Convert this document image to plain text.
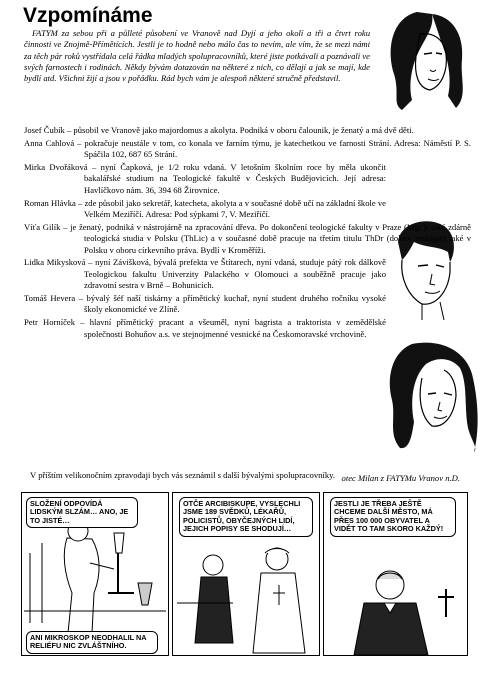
Vzpomínáme

FATYM za sebou při a půlleté působení ve Vranově nad Dyjí a jeho okolí a tři a čtvrt roku činnosti ve Znojmě-Přímětících. Jestli je to hodně nebo málo čas to nevím, ale vím, že se mezi námi za těch pár roků vystřídala celá řádka mladých spolupracovníků, které jiste potkávali a poznávali ve svých farnostech i rodinách. Někdy bývám dotazován na některé z nich, co dělají a jak se mají, kde bydlí atd. Všichni žijí a jsou v pořádku. Rád bych vám je alespoň některé stručně představil.

Josef Čubík – působil ve Vranově jako majordomus a akolyta. Podniká v oboru čalounik, je ženatý a má dvě děti.

Anna Cahlová – pokračuje neustále v tom, co konala ve farním týmu, je katechetkou ve farnosti Strání. Adresa: Náměstí P. S. Spáčila 102, 687 65 Strání.

Mirka Dvořáková – nyní Čapková, je 1/2 roku vdaná. V letošním školním roce by měla ukončit bakalářské studium na Teologické fakultě v Českých Budějovicích. Její adresa: Havlíčkovo nám. 36, 394 68 Žirovnice.

Roman Hlávka – zde působil jako sekretář, katecheta, akolyta a v současné době učí na základní škole ve Velkém Meziříčí. Adresa: Pod sýpkami 7, V. Meziříčí.

Víťa Gilík – je ženatý, podniká v nástrojárně na zpracování dřeva. Po dokončení teologické fakulty v Praze (Mgr.), také zdárně teologická studia v Polsku (ThLic) a v současné době pracuje na třetím titulu ThDr (doktor teologie) také v Polsku v oboru církevního práva. Bydlí v Kroměříži.

Lidka Mikysková – nyní Závišková, bývalá prefekta ve Štítarech, nyní vdaná, studuje pátý rok dálkově Teologickou fakultu Univerzity Palackého v Olomouci a souběžně pracuje jako zdravotní sestra v Brně – Bohunicích.

Tomáš Hevera – bývalý šéf naší tiskárny a přímětický kuchař, nyní student druhého ročníku vysoké školy ekonomické ve Zlíně.

Petr Horníček – hlavní přímětický pracant a všeuměl, nyní bagrista a traktorista v zemědělské společnosti Bohuňov a.s. ve stejnojmenné vesnické na Českomoravské vrchovině.

V příštím velikonočním zpravodaji bych vás seznámil s další bývalými spolupracovníky. otec Milan z FATYMu Vranov n.D.
SLOŽENÍ ODPOVÍDÁ LIDSKÝM SLZÁM… ANO, JE TO JISTÉ…
ANI MIKROSKOP NEODHALIL NA RELIÉFU NIC ZVLÁŠTNÍHO.
OTČE ARCIBISKUPE, VYSLECHLI JSME 189 SVĚDKŮ, LÉKAŘŮ, POLICISTŮ, OBYČEJNÝCH LIDÍ, JEJICH POPISY SE SHODUJÍ…
JESTLI JE TŘEBA JEŠTĚ CHCEME DALŠÍ MĚSTO, MÁ PŘES 100 000 OBYVATEL A VIDĚT TO TAM SKORO KAŽDÝ!
